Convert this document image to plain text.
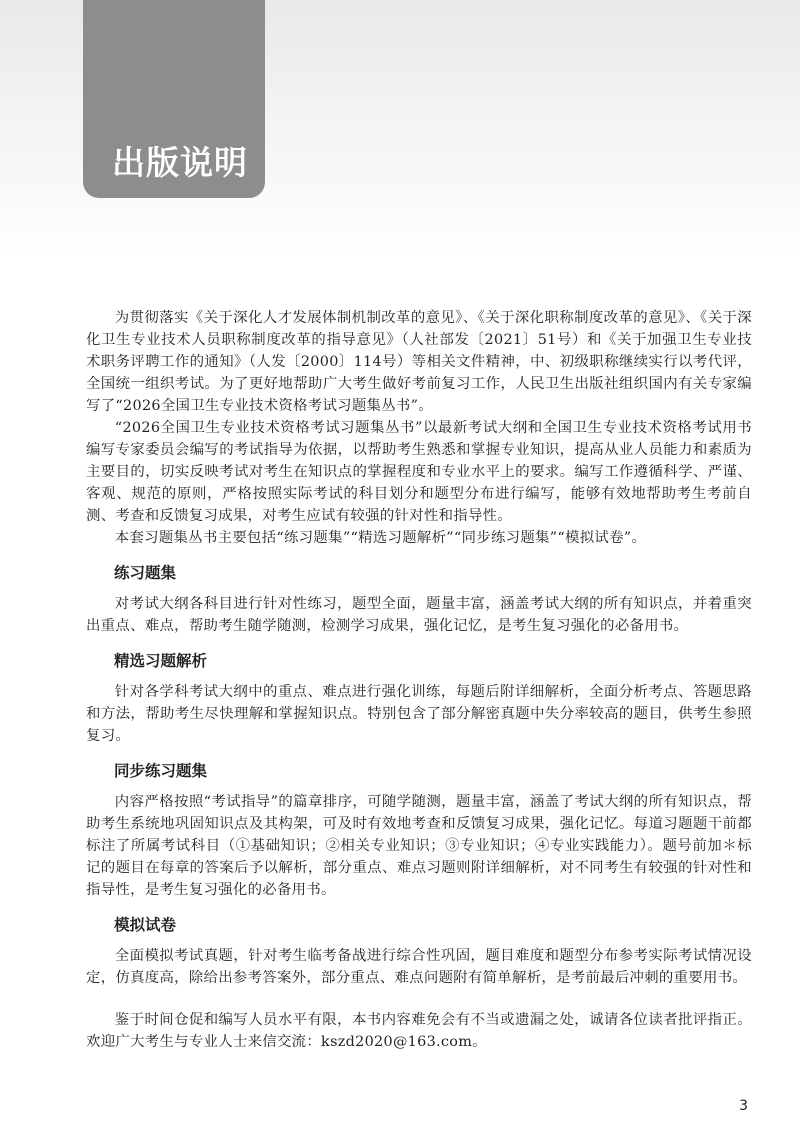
出版说明

为贯彻落实《关于深化人才发展体制机制改革的意见》、《关于深化职称制度改革的意见》、《关于深化卫生专业技术人员职称制度改革的指导意见》（人社部发〔2021〕51号）和《关于加强卫生专业技术职务评聘工作的通知》（人发〔2000〕114号）等相关文件精神，中、初级职称继续实行以考代评，全国统一组织考试。为了更好地帮助广大考生做好考前复习工作，人民卫生出版社组织国内有关专家编写了“2026全国卫生专业技术资格考试习题集丛书”。

“2026全国卫生专业技术资格考试习题集丛书”以最新考试大纲和全国卫生专业技术资格考试用书编写专家委员会编写的考试指导为依据，以帮助考生熟悉和掌握专业知识，提高从业人员能力和素质为主要目的，切实反映考试对考生在知识点的掌握程度和专业水平上的要求。编写工作遵循科学、严谨、客观、规范的原则，严格按照实际考试的科目划分和题型分布进行编写，能够有效地帮助考生考前自测、考查和反馈复习成果，对考生应试有较强的针对性和指导性。

本套习题集丛书主要包括“练习题集”“精选习题解析”“同步练习题集”“模拟试卷”。

练习题集

对考试大纲各科目进行针对性练习，题型全面，题量丰富，涵盖考试大纲的所有知识点，并着重突出重点、难点，帮助考生随学随测，检测学习成果，强化记忆，是考生复习强化的必备用书。

精选习题解析

针对各学科考试大纲中的重点、难点进行强化训练，每题后附详细解析，全面分析考点、答题思路和方法，帮助考生尽快理解和掌握知识点。特别包含了部分解密真题中失分率较高的题目，供考生参照复习。

同步练习题集

内容严格按照“考试指导”的篇章排序，可随学随测，题量丰富，涵盖了考试大纲的所有知识点，帮助考生系统地巩固知识点及其构架，可及时有效地考查和反馈复习成果，强化记忆。每道习题题干前都标注了所属考试科目（①基础知识；②相关专业知识；③专业知识；④专业实践能力）。题号前加＊标记的题目在每章的答案后予以解析，部分重点、难点习题则附详细解析，对不同考生有较强的针对性和指导性，是考生复习强化的必备用书。

模拟试卷

全面模拟考试真题，针对考生临考备战进行综合性巩固，题目难度和题型分布参考实际考试情况设定，仿真度高，除给出参考答案外，部分重点、难点问题附有简单解析，是考前最后冲刺的重要用书。

鉴于时间仓促和编写人员水平有限，本书内容难免会有不当或遗漏之处，诚请各位读者批评指正。欢迎广大考生与专业人士来信交流：kszd2020@163.com。

3
